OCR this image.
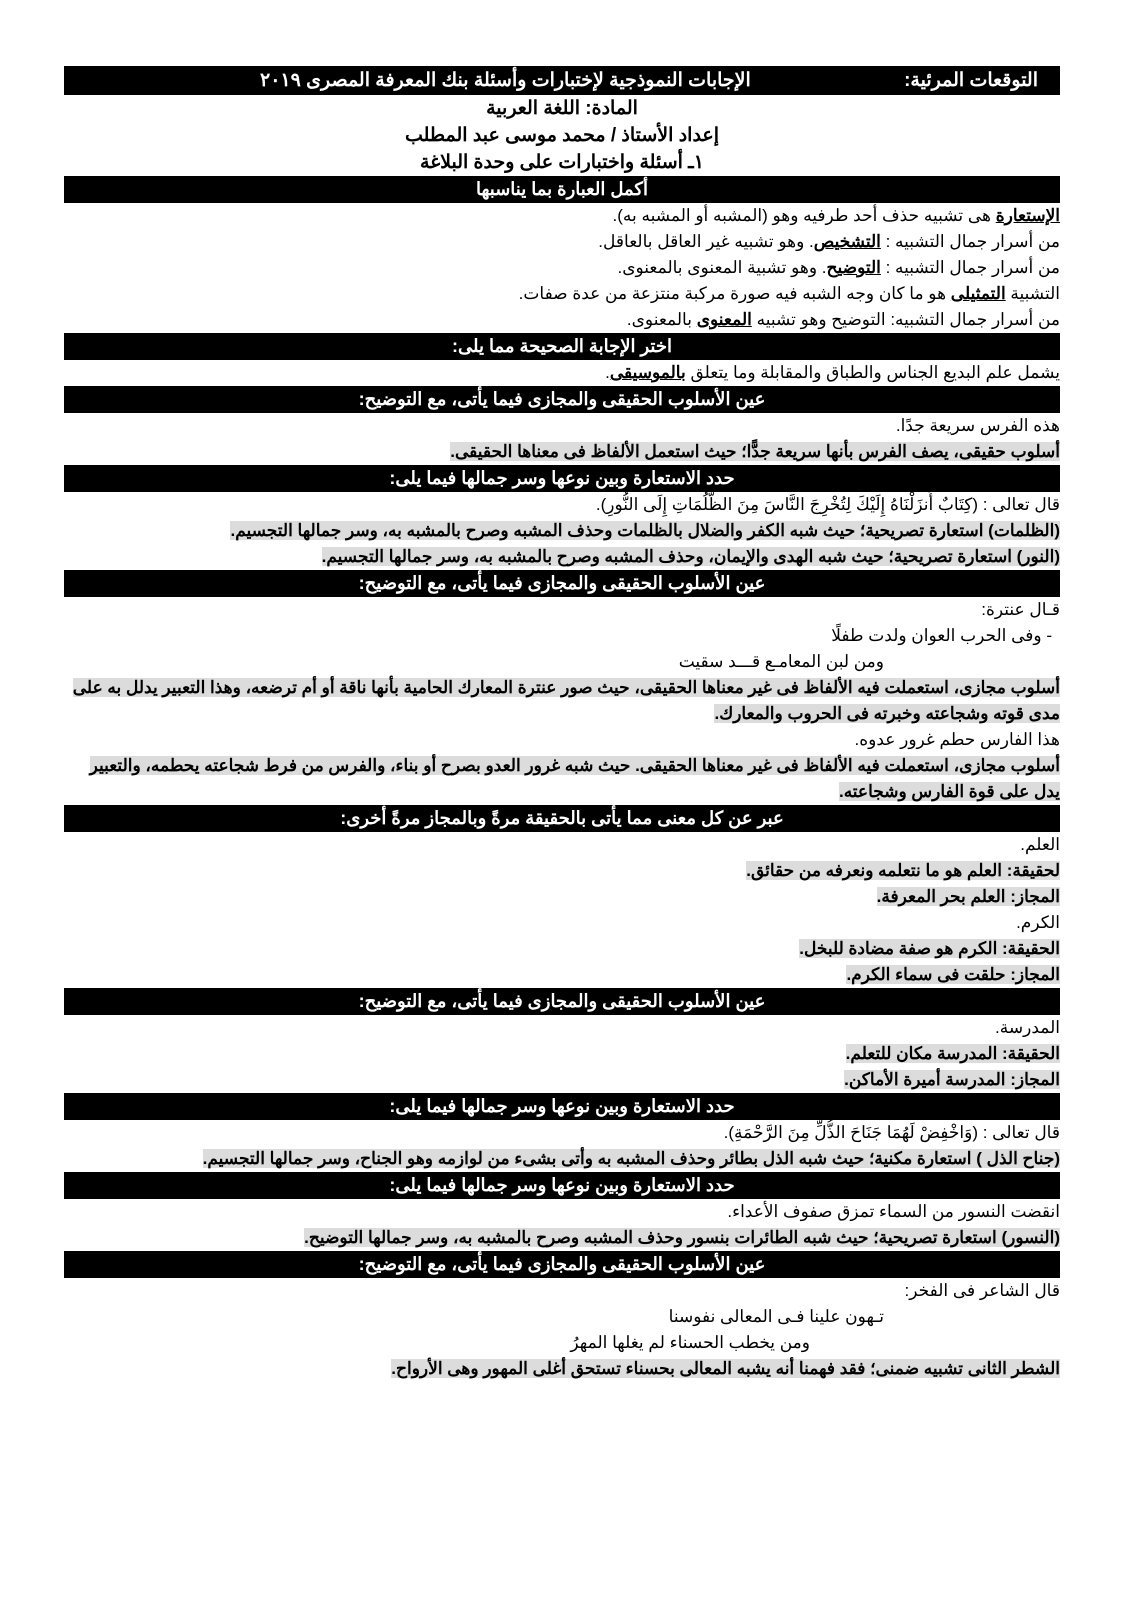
التوقعات المرئية:
الإجابات النموذجية لإختبارات وأسئلة بنك المعرفة المصرى ٢٠١٩
المادة: اللغة العربية
إعداد الأستاذ / محمد موسى عبد المطلب
١ـ أسئلة واختبارات على وحدة البلاغة
أكمل العبارة بما يناسبها
الإستعارة هى تشبيه حذف أحد طرفيه وهو (المشبه أو المشبه به).
من أسرار جمال التشبيه : التشخيص. وهو تشبيه غير العاقل بالعاقل.
من أسرار جمال التشبيه : التوضيح. وهو تشبية المعنوى بالمعنوى.
التشبية التمثيلى هو ما كان وجه الشبه فيه صورة مركبة منتزعة من عدة صفات.
من أسرار جمال التشبيه: التوضيح وهو تشبيه المعنوى بالمعنوى.
اختر الإجابة الصحيحة مما يلى:
يشمل علم البديع الجناس والطباق والمقابلة وما يتعلق بالموسيقى.
عين الأسلوب الحقيقى والمجازى فيما يأتى، مع التوضيح:
هذه الفرس سريعة جدًا.
أسلوب حقيقى، يصف الفرس بأنها سريعة جدًّا؛ حيث استعمل الألفاظ فى معناها الحقيقى.
حدد الاستعارة وبين نوعها وسر جمالها فيما يلى:
قال تعالى : (كِتَابٌ أَنزَلْنَاهُ إِلَيْكَ لِتُخْرِجَ النَّاسَ مِنَ الظُّلُمَاتِ إِلَى النُّورِ).
(الظلمات) استعارة تصريحية؛ حيث شبه الكفر والضلال بالظلمات وحذف المشبه وصرح بالمشبه به، وسر جمالها التجسيم.
(النور) استعارة تصريحية؛ حيث شبه الهدى والإيمان، وحذف المشبه وصرح بالمشبه به، وسر جمالها التجسيم.
عين الأسلوب الحقيقى والمجازى فيما يأتى، مع التوضيح:
قـال عنترة:
- وفى الحرب العوان ولدت طفلًا
ومن لبن المعامـع قـــد سقيت
أسلوب مجازى، استعملت فيه الألفاظ فى غير معناها الحقيقى، حيث صور عنترة المعارك الحامية بأنها ناقة أو أم ترضعه، وهذا التعبير يدلل به على مدى قوته وشجاعته وخبرته فى الحروب والمعارك.
هذا الفارس حطم غرور عدوه.
أسلوب مجازى، استعملت فيه الألفاظ فى غير معناها الحقيقى. حيث شبه غرور العدو بصرح أو بناء، والفرس من فرط شجاعته يحطمه، والتعبير يدل على قوة الفارس وشجاعته.
عبر عن كل معنى مما يأتى بالحقيقة مرةً وبالمجاز مرةً أخرى:
العلم.
لحقيقة: العلم هو ما نتعلمه ونعرفه من حقائق.
المجاز: العلم بحر المعرفة.
الكرم.
الحقيقة: الكرم هو صفة مضادة للبخل.
المجاز: حلقت فى سماء الكرم.
عين الأسلوب الحقيقى والمجازى فيما يأتى، مع التوضيح:
المدرسة.
الحقيقة: المدرسة مكان للتعلم.
المجاز: المدرسة أميرة الأماكن.
حدد الاستعارة وبين نوعها وسر جمالها فيما يلى:
قال تعالى : (وَاخْفِضْ لَهُمَا جَنَاحَ الذُّلِّ مِنَ الرَّحْمَةِ).
(جناح الذل ) استعارة مكنية؛ حيث شبه الذل بطائر وحذف المشبه به وأتى بشىء من لوازمه وهو الجناح، وسر جمالها التجسيم.
حدد الاستعارة وبين نوعها وسر جمالها فيما يلى:
انقضت النسور من السماء تمزق صفوف الأعداء.
(النسور) استعارة تصريحية؛ حيث شبه الطائرات بنسور وحذف المشبه وصرح بالمشبه به، وسر جمالها التوضيح.
عين الأسلوب الحقيقى والمجازى فيما يأتى، مع التوضيح:
قال الشاعر فى الفخر:
تـهون علينا فـى المعالى نفوسنا
ومن يخطب الحسناء لم يغلها المهرُ
الشطر الثانى تشبيه ضمنى؛ فقد فهمنا أنه يشبه المعالى بحسناء تستحق أغلى المهور وهى الأرواح.
